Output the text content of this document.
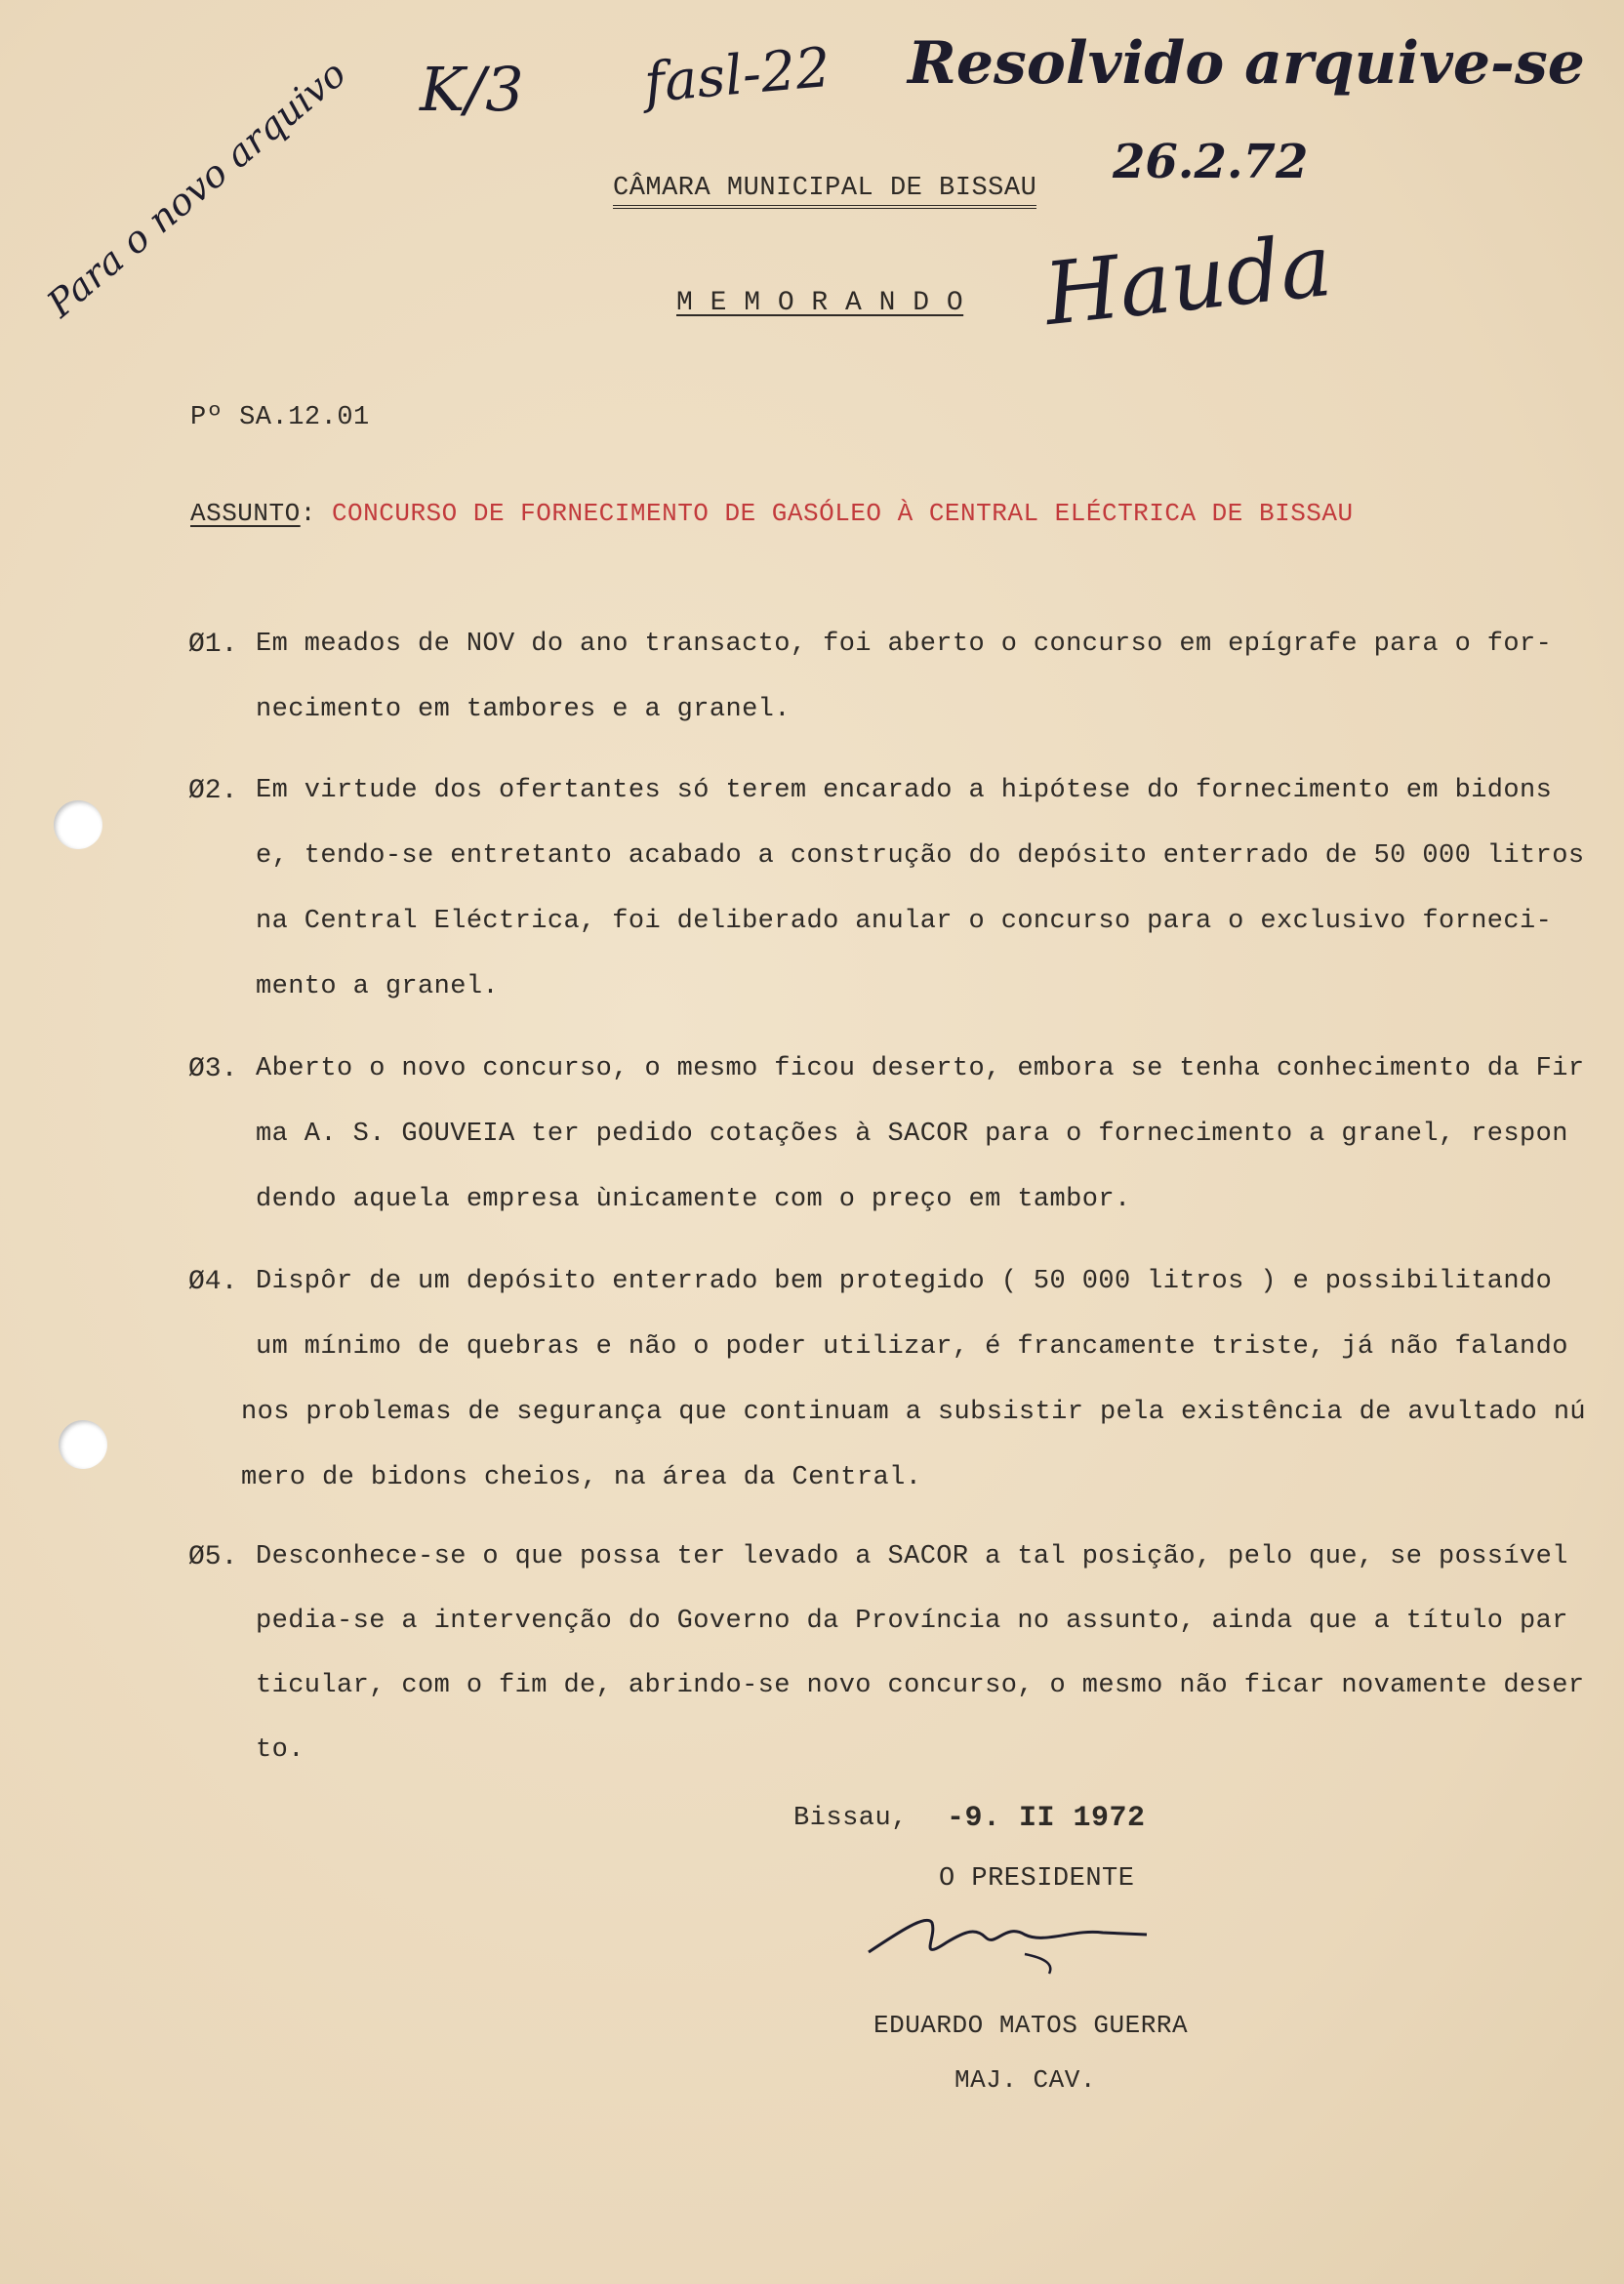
Para o novo arquivo K/3 fasl-22 Resolvido arquive-se
26.2.72
Hauda
CÂMARA MUNICIPAL DE BISSAU
M E M O R A N D O
Pº SA.12.01
ASSUNTO: CONCURSO DE FORNECIMENTO DE GASÓLEO À CENTRAL ELÉCTRICA DE BISSAU
Ø1. Em meados de NOV do ano transacto, foi aberto o concurso em epígrafe para o for-
necimento em tambores e a granel.
Ø2. Em virtude dos ofertantes só terem encarado a hipótese do fornecimento em bidons
e, tendo-se entretanto acabado a construção do depósito enterrado de 50 000 litros
na Central Eléctrica, foi deliberado anular o concurso para o exclusivo forneci-
mento a granel.
Ø3. Aberto o novo concurso, o mesmo ficou deserto, embora se tenha conhecimento da Fir
ma A. S. GOUVEIA ter pedido cotações à SACOR para o fornecimento a granel, respon
dendo aquela empresa ùnicamente com o preço em tambor.
Ø4. Dispôr de um depósito enterrado bem protegido ( 50 000 litros ) e possibilitando
um mínimo de quebras e não o poder utilizar, é francamente triste, já não falando
nos problemas de segurança que continuam a subsistir pela existência de avultado nú
mero de bidons cheios, na área da Central.
Ø5. Desconhece-se o que possa ter levado a SACOR a tal posição, pelo que, se possível
pedia-se a intervenção do Governo da Província no assunto, ainda que a título par
ticular, com o fim de, abrindo-se novo concurso, o mesmo não ficar novamente deser
to.
Bissau, -9. II 1972
O PRESIDENTE
EDUARDO MATOS GUERRA
MAJ. CAV.
